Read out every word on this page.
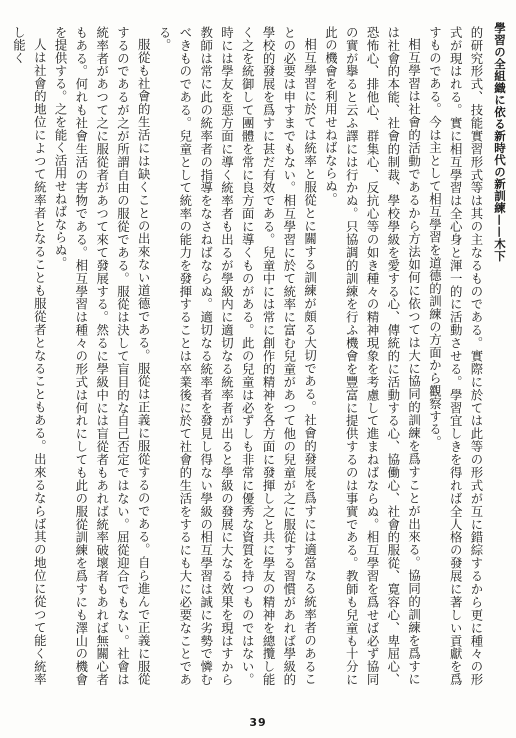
學習の全組織に依る新時代の新訓練——木下

的研究形式、技能實習形式等は其の主なるものである。實際に於ては此等の形式が互に錯綜するから更に種々の形式が現はれる。實に相互學習は全心身と渾一的に活動させる。學習宜しきを得れば全人格の發展に著しい貢獻を爲すものである。今は主として相互學習を道德的訓練の方面から觀察する。

相互學習は社會的活動であるから方法如何に依つては大に協同的訓練を爲すことが出來る。協同的訓練を爲すには社會的本能、社會的制裁、學校學級を愛する心、傳統的に活動する心、協働心、社會的服從、寛容心、卑屈心、恐怖心、排他心、群集心、反抗心等の如き種々の精神現象を考慮して進まねばならぬ。相互學習を爲せば必ず協同の實が擧ると云ふ譯には行かぬ。只協調的訓練を行ふ機會を豐富に提供するのは事實である。教師も兒童も十分に此の機會を利用せねばならぬ。

相互學習に於ては統率と服從とに關する訓練が頗る大切である。社會的發展を爲すには適當なる統率者のあることの必要は申すまでもない。相互學習に於て統率に富む兒童があつて他の兒童が之に服從する習慣があれば學級的學校的發展を爲すに甚だ有效である。兒童中には常に創作的精神を各方面に發揮し之と共に學友の精神を總攬し能く之を統御して團體を常に良方面に導くものがある。此の兒童は必ずしも非常に優秀な資質を持つものではない。時には學友を惡方面に導く統率者も出るが學級内に適切なる統率者が出ると學級の發展に大なる效果を現はすから教師は常に此の統率者の指導をなさねばならぬ。適切なる統率者を發見し得ない學級の相互學習は誠に劣勢で憐むべきものである。兒童として統率の能力を發揮することは卒業後に於て社會的生活をするにも大に必要なことである。

服從も社會的生活には缺くことの出來ない道德である。服從は正義に服從するのである。自ら進んで正義に服從するのであるが之が所謂自由の服從である。服從は決して盲目的な自己否定ではない。屈從迎合でもない。社會は統率者があつて之に服從者があつて來て發展する。然るに學級中には盲從者もあれば統率破壞者もあれば無關心者もある。何れも社會生活の害物である。相互學習は種々の形式は何れにしても此の服從訓練を爲すにも澤山の機會を提供する。之を能く活用せねばならぬ。

人は社會的地位によつて統率者となることも服從者となることもある。出來るならば其の地位に從つて能く統率し能く

39
